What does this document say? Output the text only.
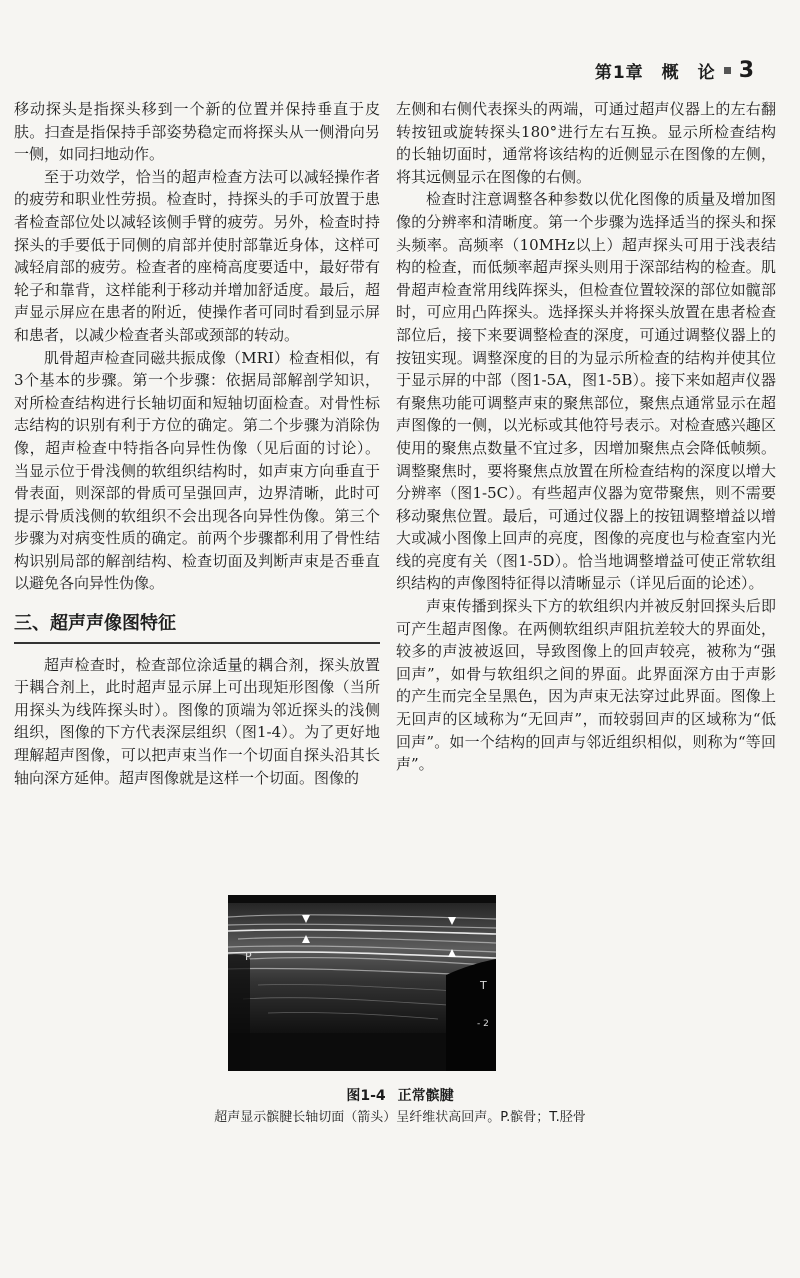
第1章　概　论 3

移动探头是指探头移到一个新的位置并保持垂直于皮肤。扫查是指保持手部姿势稳定而将探头从一侧滑向另一侧，如同扫地动作。

至于功效学，恰当的超声检查方法可以减轻操作者的疲劳和职业性劳损。检查时，持探头的手可放置于患者检查部位处以减轻该侧手臂的疲劳。另外，检查时持探头的手要低于同侧的肩部并使肘部靠近身体，这样可减轻肩部的疲劳。检查者的座椅高度要适中，最好带有轮子和靠背，这样能利于移动并增加舒适度。最后，超声显示屏应在患者的附近，使操作者可同时看到显示屏和患者，以减少检查者头部或颈部的转动。

肌骨超声检查同磁共振成像（MRI）检查相似，有3个基本的步骤。第一个步骤：依据局部解剖学知识，对所检查结构进行长轴切面和短轴切面检查。对骨性标志结构的识别有利于方位的确定。第二个步骤为消除伪像，超声检查中特指各向异性伪像（见后面的讨论）。当显示位于骨浅侧的软组织结构时，如声束方向垂直于骨表面，则深部的骨质可呈强回声，边界清晰，此时可提示骨质浅侧的软组织不会出现各向异性伪像。第三个步骤为对病变性质的确定。前两个步骤都利用了骨性结构识别局部的解剖结构、检查切面及判断声束是否垂直以避免各向异性伪像。

三、超声声像图特征

超声检查时，检查部位涂适量的耦合剂，探头放置于耦合剂上，此时超声显示屏上可出现矩形图像（当所用探头为线阵探头时）。图像的顶端为邻近探头的浅侧组织，图像的下方代表深层组织（图1-4）。为了更好地理解超声图像，可以把声束当作一个切面自探头沿其长轴向深方延伸。超声图像就是这样一个切面。图像的

左侧和右侧代表探头的两端，可通过超声仪器上的左右翻转按钮或旋转探头180°进行左右互换。显示所检查结构的长轴切面时，通常将该结构的近侧显示在图像的左侧，将其远侧显示在图像的右侧。

检查时注意调整各种参数以优化图像的质量及增加图像的分辨率和清晰度。第一个步骤为选择适当的探头和探头频率。高频率（10MHz以上）超声探头可用于浅表结构的检查，而低频率超声探头则用于深部结构的检查。肌骨超声检查常用线阵探头，但检查位置较深的部位如髋部时，可应用凸阵探头。选择探头并将探头放置在患者检查部位后，接下来要调整检查的深度，可通过调整仪器上的按钮实现。调整深度的目的为显示所检查的结构并使其位于显示屏的中部（图1-5A，图1-5B）。接下来如超声仪器有聚焦功能可调整声束的聚焦部位，聚焦点通常显示在超声图像的一侧，以光标或其他符号表示。对检查感兴趣区使用的聚焦点数量不宜过多，因增加聚焦点会降低帧频。调整聚焦时，要将聚焦点放置在所检查结构的深度以增大分辨率（图1-5C）。有些超声仪器为宽带聚焦，则不需要移动聚焦位置。最后，可通过仪器上的按钮调整增益以增大或减小图像上回声的亮度，图像的亮度也与检查室内光线的亮度有关（图1-5D）。恰当地调整增益可使正常软组织结构的声像图特征得以清晰显示（详见后面的论述）。

声束传播到探头下方的软组织内并被反射回探头后即可产生超声图像。在两侧软组织声阻抗差较大的界面处，较多的声波被返回，导致图像上的回声较亮，被称为“强回声”，如骨与软组织之间的界面。此界面深方由于声影的产生而完全呈黑色，因为声束无法穿过此界面。图像上无回声的区域称为“无回声”，而较弱回声的区域称为“低回声”。如一个结构的回声与邻近组织相似，则称为“等回声”。

P
T
- 2
图1-4 正常髌腱
超声显示髌腱长轴切面（箭头）呈纤维状高回声。P.髌骨；T.胫骨
